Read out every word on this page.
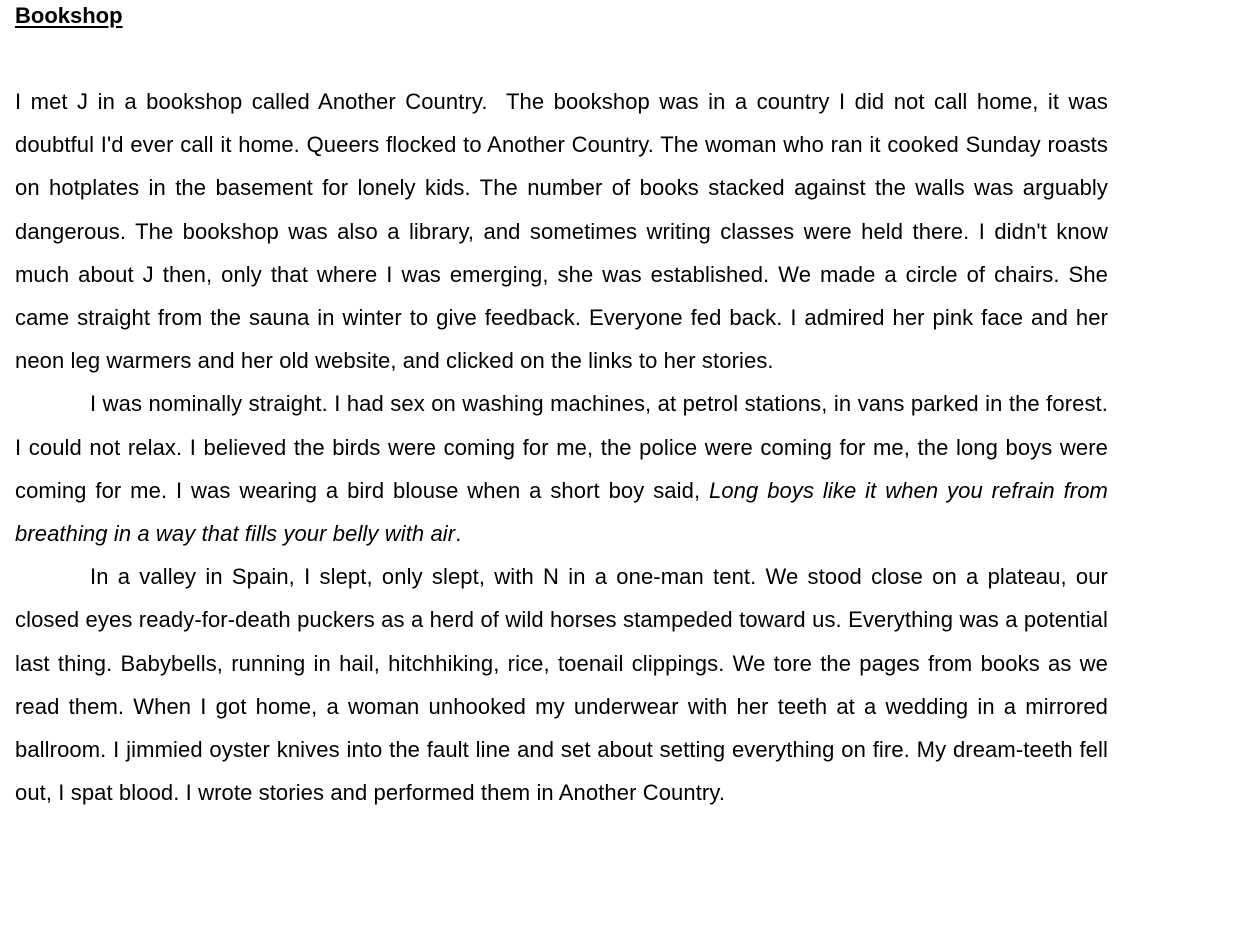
Bookshop

I met J in a bookshop called Another Country.  The bookshop was in a country I did not call home, it was doubtful I'd ever call it home. Queers flocked to Another Country. The woman who ran it cooked Sunday roasts on hotplates in the basement for lonely kids. The number of books stacked against the walls was arguably dangerous. The bookshop was also a library, and sometimes writing classes were held there. I didn't know much about J then, only that where I was emerging, she was established. We made a circle of chairs. She came straight from the sauna in winter to give feedback. Everyone fed back. I admired her pink face and her neon leg warmers and her old website, and clicked on the links to her stories.

I was nominally straight. I had sex on washing machines, at petrol stations, in vans parked in the forest. I could not relax. I believed the birds were coming for me, the police were coming for me, the long boys were coming for me. I was wearing a bird blouse when a short boy said, Long boys like it when you refrain from breathing in a way that fills your belly with air.

In a valley in Spain, I slept, only slept, with N in a one-man tent. We stood close on a plateau, our closed eyes ready-for-death puckers as a herd of wild horses stampeded toward us. Everything was a potential last thing. Babybells, running in hail, hitchhiking, rice, toenail clippings. We tore the pages from books as we read them. When I got home, a woman unhooked my underwear with her teeth at a wedding in a mirrored ballroom. I jimmied oyster knives into the fault line and set about setting everything on fire. My dream-teeth fell out, I spat blood. I wrote stories and performed them in Another Country.
